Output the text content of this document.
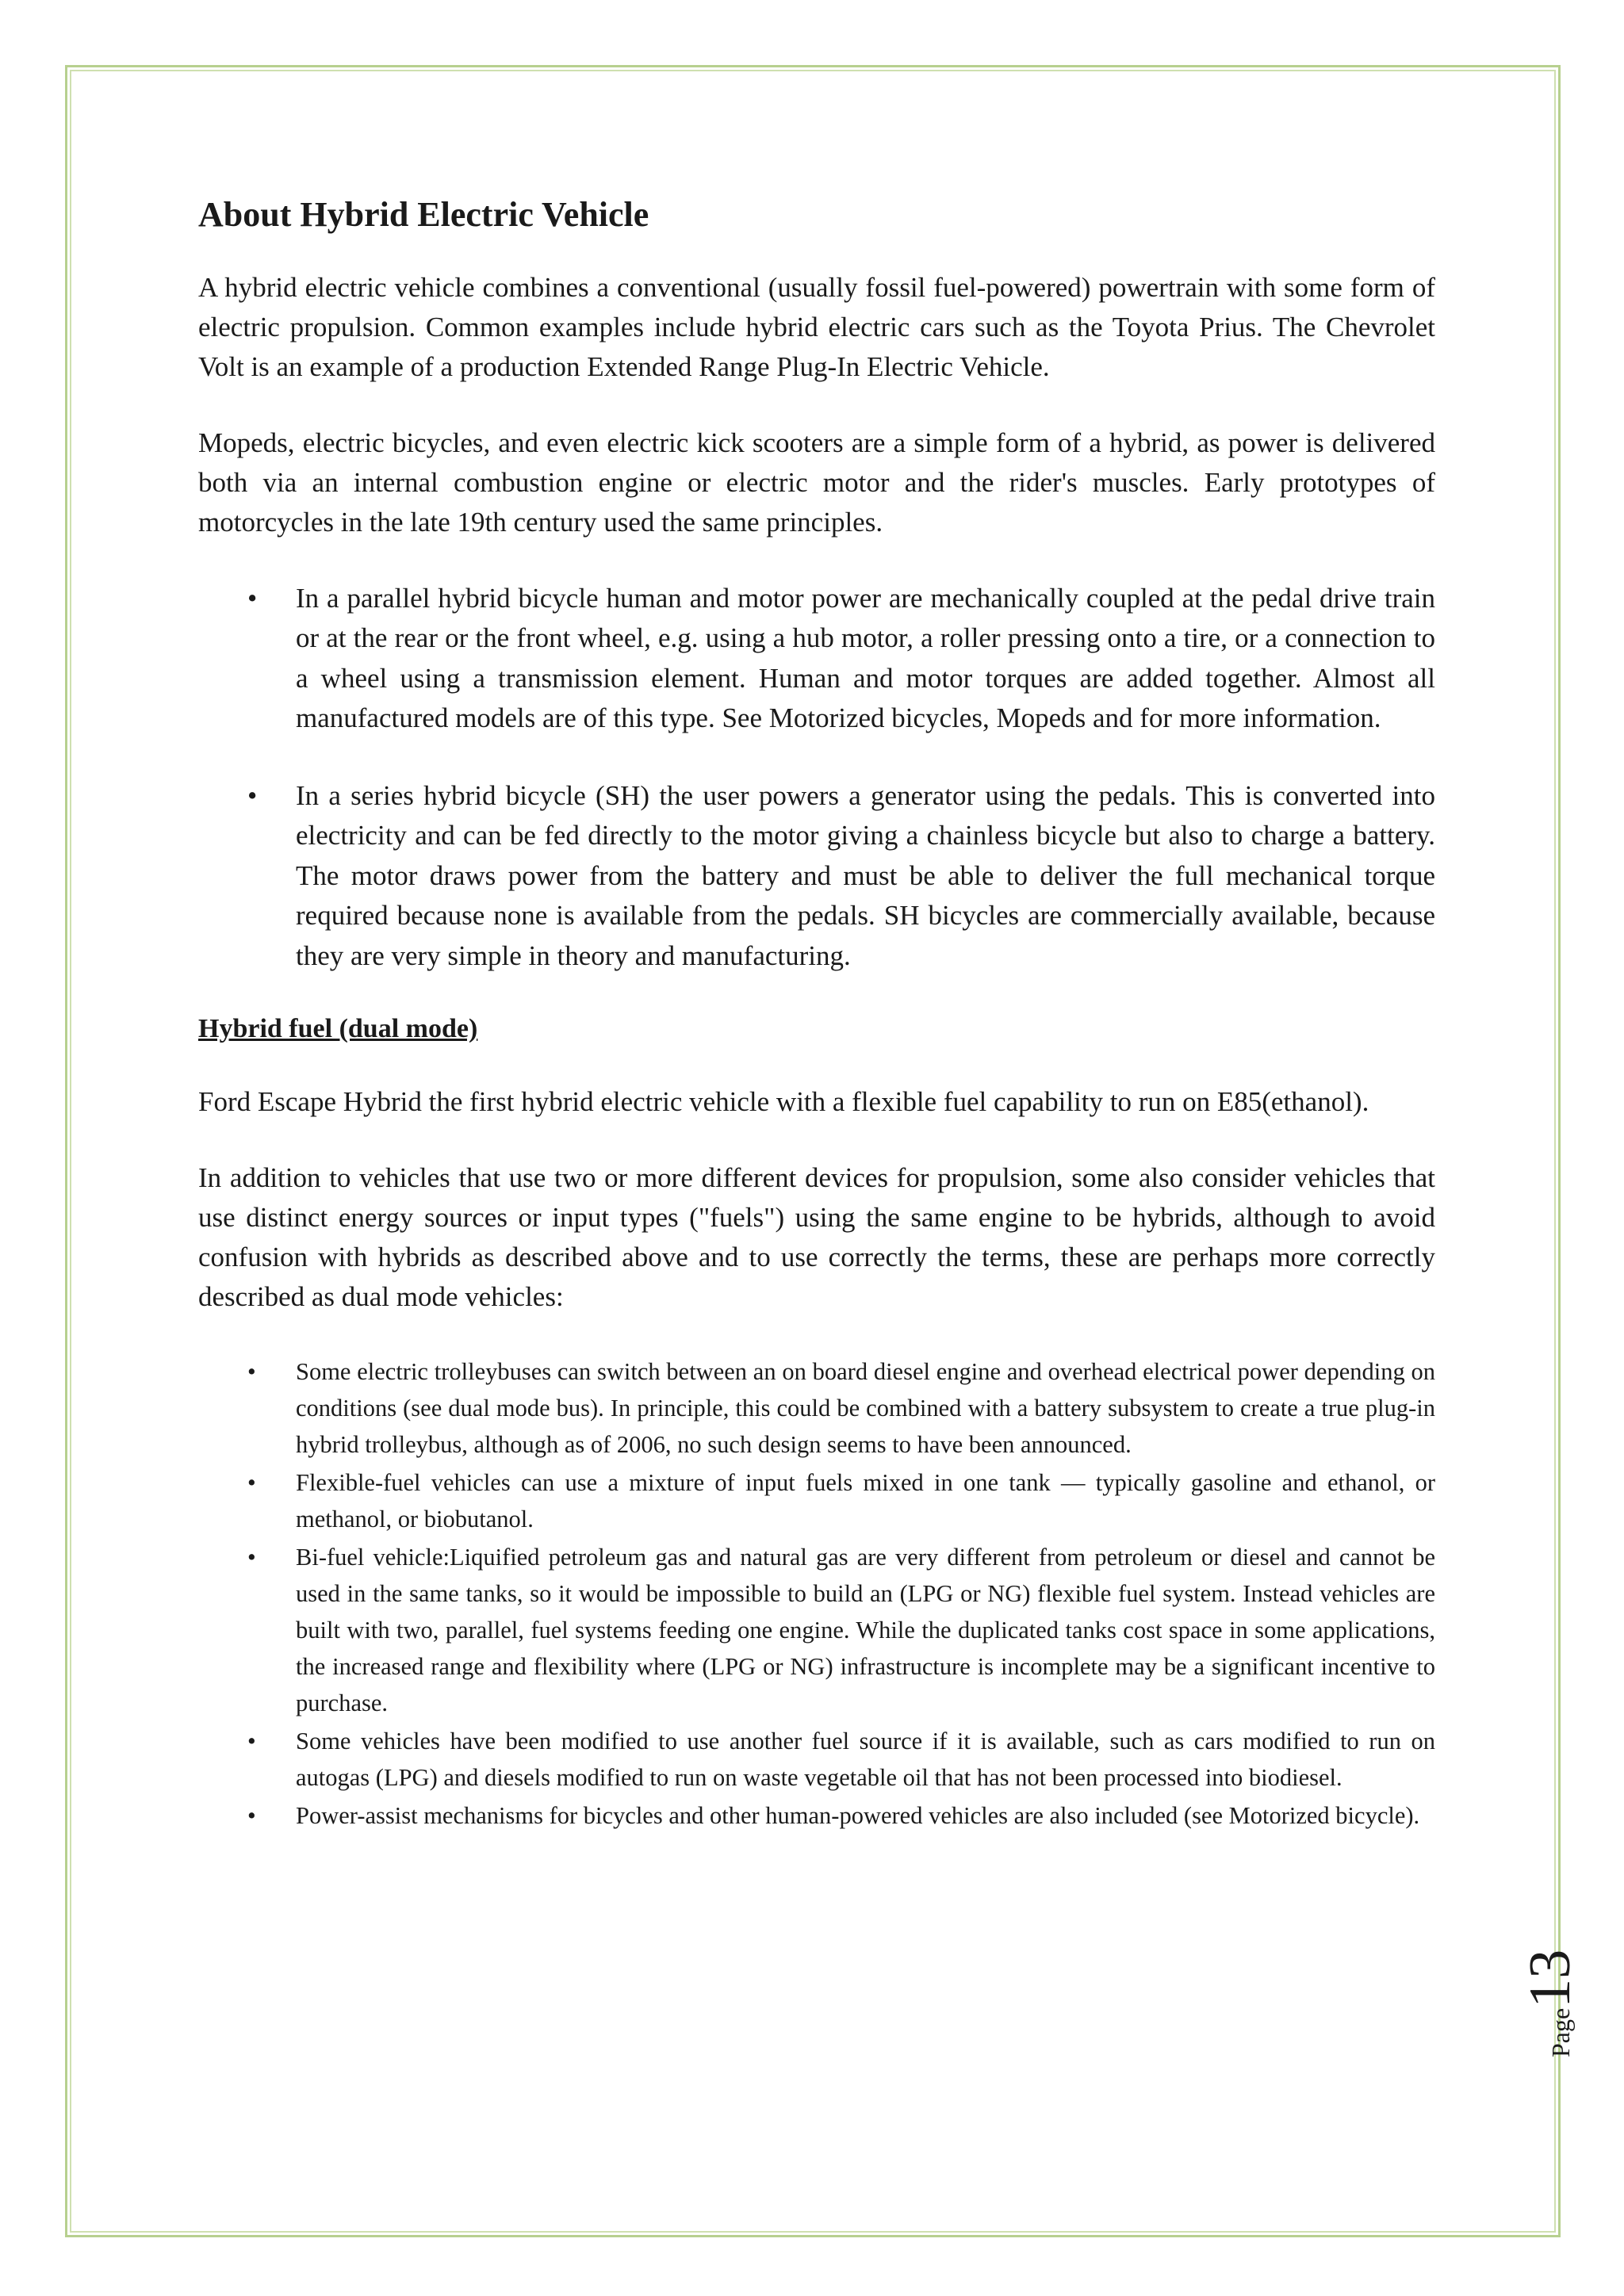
About Hybrid Electric Vehicle

A hybrid electric vehicle combines a conventional (usually fossil fuel-powered) powertrain with some form of electric propulsion. Common examples include hybrid electric cars such as the Toyota Prius. The Chevrolet Volt is an example of a production Extended Range Plug-In Electric Vehicle.

Mopeds, electric bicycles, and even electric kick scooters are a simple form of a hybrid, as power is delivered both via an internal combustion engine or electric motor and the rider's muscles. Early prototypes of motorcycles in the late 19th century used the same principles.

• In a parallel hybrid bicycle human and motor power are mechanically coupled at the pedal drive train or at the rear or the front wheel, e.g. using a hub motor, a roller pressing onto a tire, or a connection to a wheel using a transmission element. Human and motor torques are added together. Almost all manufactured models are of this type. See Motorized bicycles, Mopeds and for more information.
• In a series hybrid bicycle (SH) the user powers a generator using the pedals. This is converted into electricity and can be fed directly to the motor giving a chainless bicycle but also to charge a battery. The motor draws power from the battery and must be able to deliver the full mechanical torque required because none is available from the pedals. SH bicycles are commercially available, because they are very simple in theory and manufacturing.
Hybrid fuel (dual mode)

Ford Escape Hybrid the first hybrid electric vehicle with a flexible fuel capability to run on E85(ethanol).

In addition to vehicles that use two or more different devices for propulsion, some also consider vehicles that use distinct energy sources or input types ("fuels") using the same engine to be hybrids, although to avoid confusion with hybrids as described above and to use correctly the terms, these are perhaps more correctly described as dual mode vehicles:

• Some electric trolleybuses can switch between an on board diesel engine and overhead electrical power depending on conditions (see dual mode bus). In principle, this could be combined with a battery subsystem to create a true plug-in hybrid trolleybus, although as of 2006, no such design seems to have been announced.
• Flexible-fuel vehicles can use a mixture of input fuels mixed in one tank — typically gasoline and ethanol, or methanol, or biobutanol.
• Bi-fuel vehicle:Liquified petroleum gas and natural gas are very different from petroleum or diesel and cannot be used in the same tanks, so it would be impossible to build an (LPG or NG) flexible fuel system. Instead vehicles are built with two, parallel, fuel systems feeding one engine. While the duplicated tanks cost space in some applications, the increased range and flexibility where (LPG or NG) infrastructure is incomplete may be a significant incentive to purchase.
• Some vehicles have been modified to use another fuel source if it is available, such as cars modified to run on autogas (LPG) and diesels modified to run on waste vegetable oil that has not been processed into biodiesel.
• Power-assist mechanisms for bicycles and other human-powered vehicles are also included (see Motorized bicycle).
Page13
